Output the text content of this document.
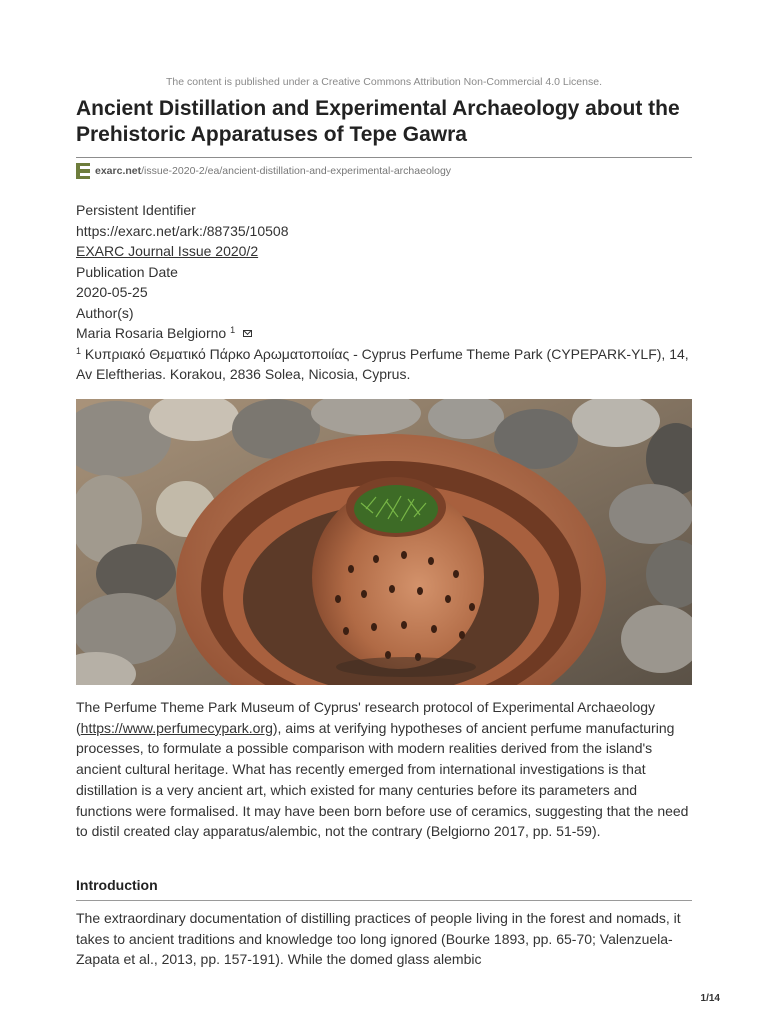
The content is published under a Creative Commons Attribution Non-Commercial 4.0 License.
Ancient Distillation and Experimental Archaeology about the Prehistoric Apparatuses of Tepe Gawra
exarc.net /issue-2020-2/ea/ancient-distillation-and-experimental-archaeology
Persistent Identifier
https://exarc.net/ark:/88735/10508
EXARC Journal Issue 2020/2
Publication Date
2020-05-25
Author(s)
Maria Rosaria Belgiorno $^1$
$^1$ Κυπριακό Θεματικό Πάρκο Αρωματοποιίας - Cyprus Perfume Theme Park (CYPEPARK-YLF), 14, Av Eleftherias. Korakou, 2836 Solea, Nicosia, Cyprus.

The Perfume Theme Park Museum of Cyprus' research protocol of Experimental Archaeology (https://www.perfumecypark.org), aims at verifying hypotheses of ancient perfume manufacturing processes, to formulate a possible comparison with modern realities derived from the island's ancient cultural heritage. What has recently emerged from international investigations is that distillation is a very ancient art, which existed for many centuries before its parameters and functions were formalised. It may have been born before use of ceramics, suggesting that the need to distil created clay apparatus/alembic, not the contrary (Belgiorno 2017, pp. 51-59).

Introduction

The extraordinary documentation of distilling practices of people living in the forest and nomads, it takes to ancient traditions and knowledge too long ignored (Bourke 1893, pp. 65-70; Valenzuela-Zapata et al., 2013, pp. 157-191). While the domed glass alembic

1/14
